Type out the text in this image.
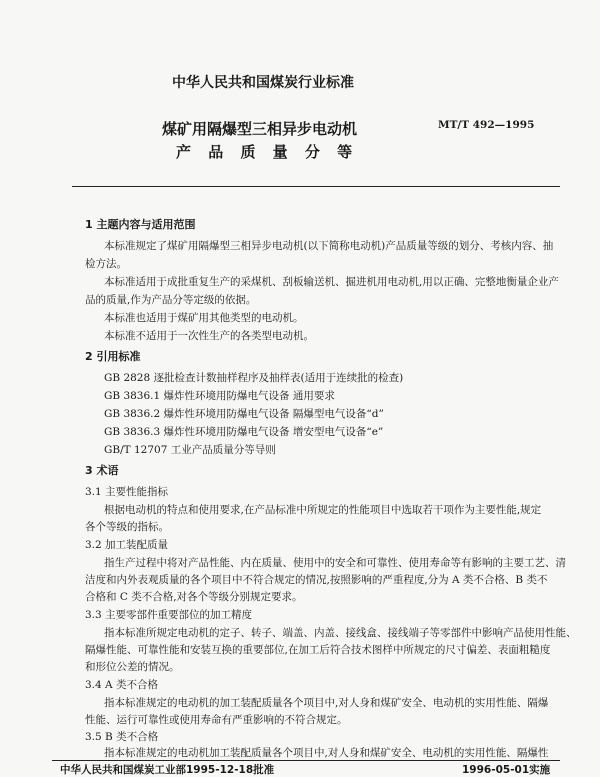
中华人民共和国煤炭行业标准
煤矿用隔爆型三相异步电动机	MT/T 492—1995
产 品 质 量 分 等
1 主题内容与适用范围
本标准规定了煤矿用隔爆型三相异步电动机(以下简称电动机)产品质量等级的划分、考核内容、抽
检方法。
本标准适用于成批重复生产的采煤机、刮板输送机、掘进机用电动机,用以正确、完整地衡量企业产
品的质量,作为产品分等定级的依据。
本标准也适用于煤矿用其他类型的电动机。
本标准不适用于一次性生产的各类型电动机。
2 引用标准
GB 2828 逐批检查计数抽样程序及抽样表(适用于连续批的检查)
GB 3836.1 爆炸性环境用防爆电气设备 通用要求
GB 3836.2 爆炸性环境用防爆电气设备 隔爆型电气设备“d”
GB 3836.3 爆炸性环境用防爆电气设备 增安型电气设备“e”
GB/T 12707 工业产品质量分等导则
3 术语
3.1 主要性能指标
根据电动机的特点和使用要求,在产品标准中所规定的性能项目中选取若干项作为主要性能,规定
各个等级的指标。
3.2 加工装配质量
指生产过程中将对产品性能、内在质量、使用中的安全和可靠性、使用寿命等有影响的主要工艺、清
洁度和内外表观质量的各个项目中不符合规定的情况,按照影响的严重程度,分为 A 类不合格、B 类不
合格和 C 类不合格,对各个等级分别规定要求。
3.3 主要零部件重要部位的加工精度
指本标准所规定电动机的定子、转子、端盖、内盖、接线盒、接线端子等零部件中影响产品使用性能、
隔爆性能、可靠性能和安装互换的重要部位,在加工后符合技术图样中所规定的尺寸偏差、表面粗糙度
和形位公差的情况。
3.4 A 类不合格
指本标准规定的电动机的加工装配质量各个项目中,对人身和煤矿安全、电动机的实用性能、隔爆
性能、运行可靠性或使用寿命有严重影响的不符合规定。
3.5 B 类不合格
指本标准规定的电动机加工装配质量各个项目中,对人身和煤矿安全、电动机的实用性能、隔爆性
中华人民共和国煤炭工业部1995-12-18批准	1996-05-01实施
